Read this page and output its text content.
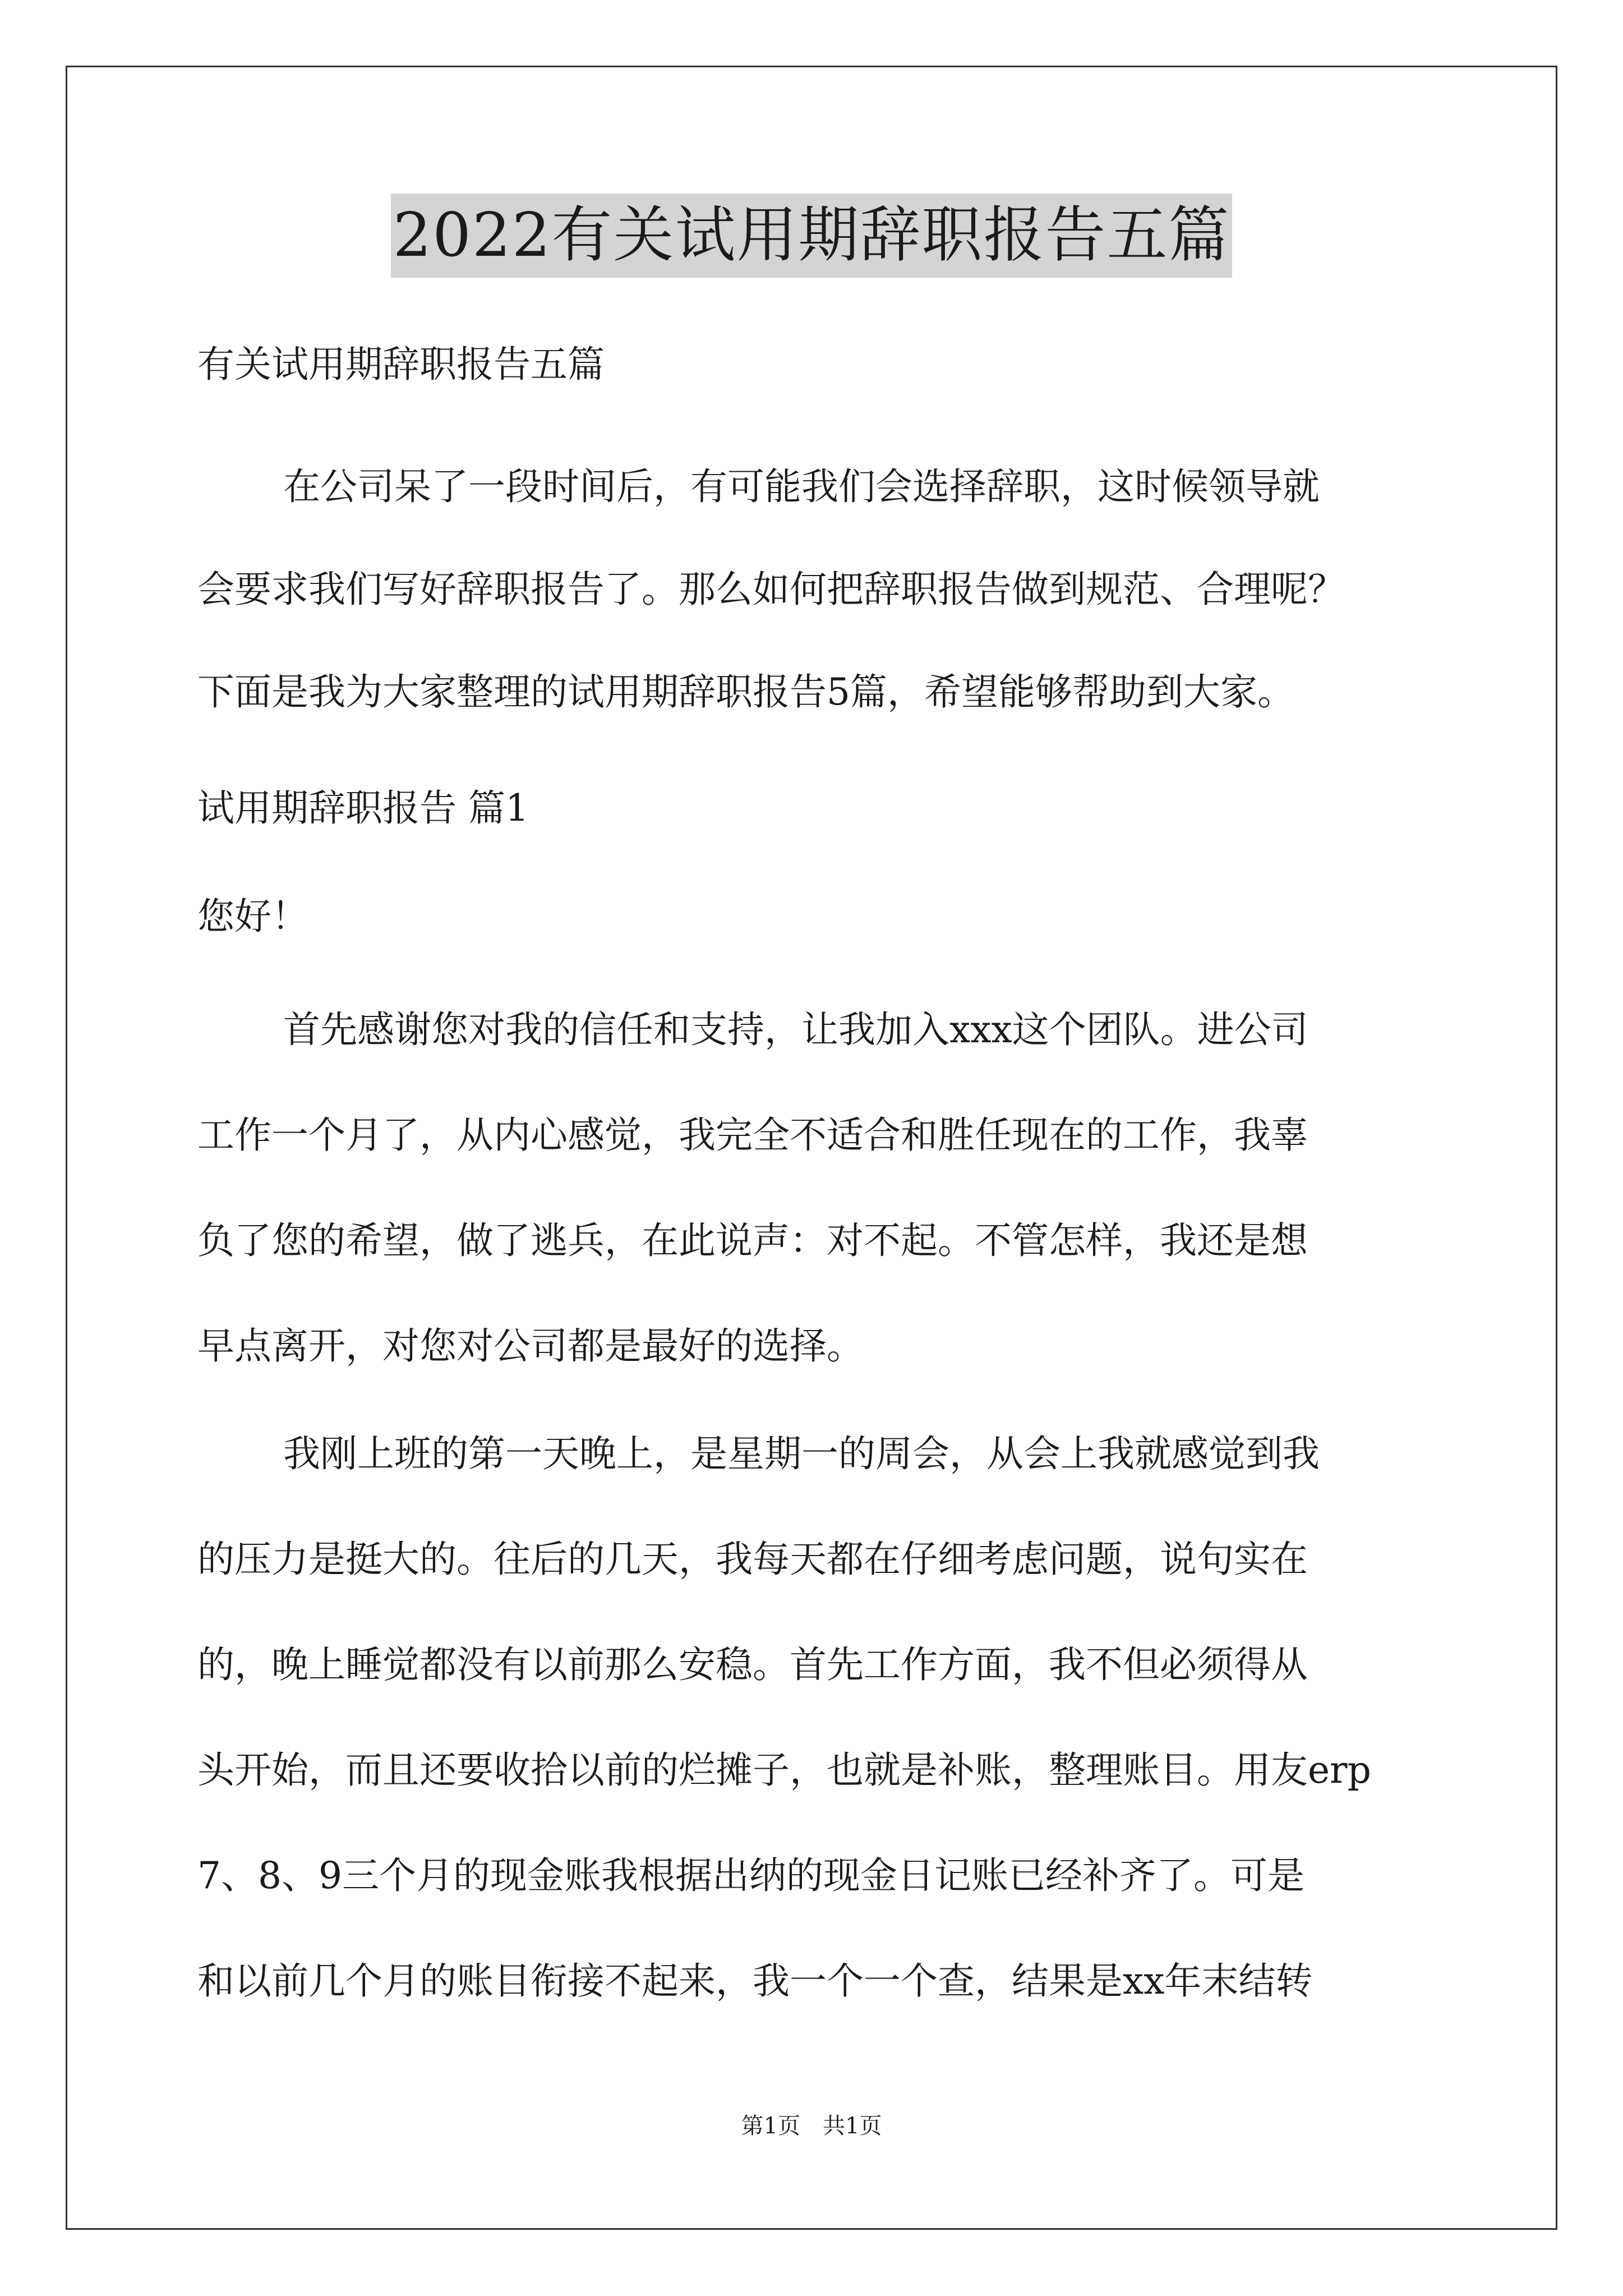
2022有关试用期辞职报告五篇
有关试用期辞职报告五篇
在公司呆了一段时间后，有可能我们会选择辞职，这时候领导就
会要求我们写好辞职报告了。那么如何把辞职报告做到规范、合理呢？
下面是我为大家整理的试用期辞职报告5篇，希望能够帮助到大家。
试用期辞职报告 篇1
您好！
首先感谢您对我的信任和支持，让我加入xxx这个团队。进公司
工作一个月了，从内心感觉，我完全不适合和胜任现在的工作，我辜
负了您的希望，做了逃兵，在此说声：对不起。不管怎样，我还是想
早点离开，对您对公司都是最好的选择。
我刚上班的第一天晚上，是星期一的周会，从会上我就感觉到我
的压力是挺大的。往后的几天，我每天都在仔细考虑问题，说句实在
的，晚上睡觉都没有以前那么安稳。首先工作方面，我不但必须得从
头开始，而且还要收拾以前的烂摊子，也就是补账，整理账目。用友erp
7、8、9三个月的现金账我根据出纳的现金日记账已经补齐了。可是
和以前几个月的账目衔接不起来，我一个一个查，结果是xx年末结转
第1页　共1页
